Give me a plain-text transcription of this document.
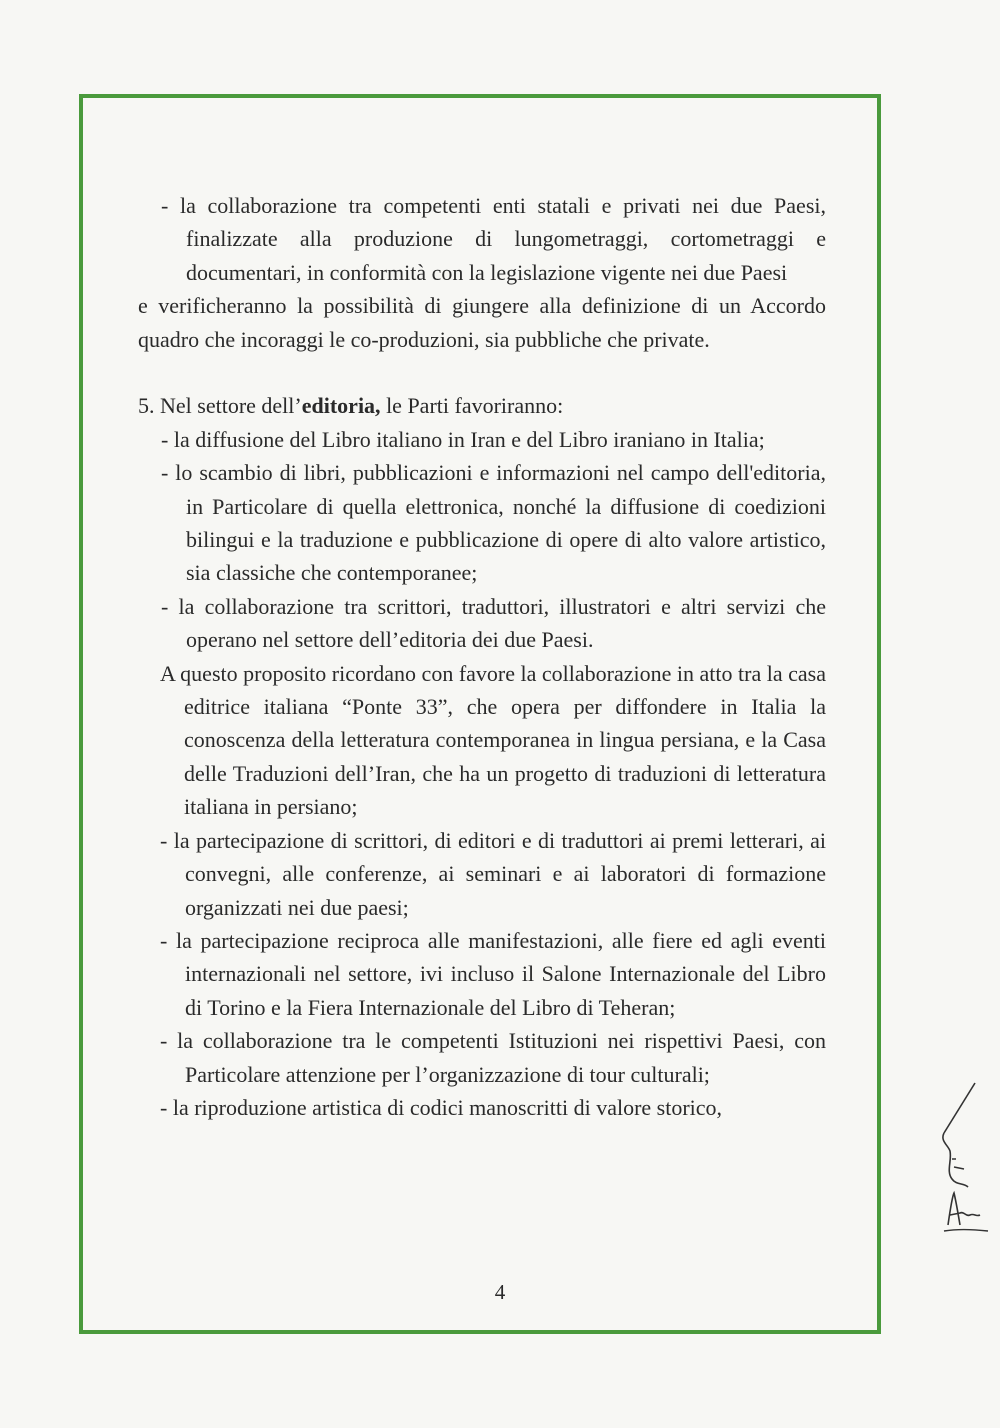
- la collaborazione tra competenti enti statali e privati nei due Paesi, finalizzate alla produzione di lungometraggi, cortometraggi e documentari, in conformità con la legislazione vigente nei due Paesi

e verificheranno la possibilità di giungere alla definizione di un Accordo quadro che incoraggi le co-produzioni, sia pubbliche che private.

5. Nel settore dell’editoria, le Parti favoriranno:

- la diffusione del Libro italiano in Iran e del Libro iraniano in Italia;

- lo scambio di libri, pubblicazioni e informazioni nel campo dell'editoria, in Particolare di quella elettronica, nonché la diffusione di coedizioni bilingui e la traduzione e pubblicazione di opere di alto valore artistico, sia classiche che contemporanee;

- la collaborazione tra scrittori, traduttori, illustratori e altri servizi che operano nel settore dell’editoria dei due Paesi.

A questo proposito ricordano con favore la collaborazione in atto tra la casa editrice italiana “Ponte 33”, che opera per diffondere in Italia la conoscenza della letteratura contemporanea in lingua persiana, e la Casa delle Traduzioni dell’Iran, che ha un progetto di traduzioni di letteratura italiana in persiano;

- la partecipazione di scrittori, di editori e di traduttori ai premi letterari, ai convegni, alle conferenze, ai seminari e ai laboratori di formazione organizzati nei due paesi;

- la partecipazione reciproca alle manifestazioni, alle fiere ed agli eventi internazionali nel settore, ivi incluso il Salone Internazionale del Libro di Torino e la Fiera Internazionale del Libro di Teheran;

- la collaborazione tra le competenti Istituzioni nei rispettivi Paesi, con Particolare attenzione per l’organizzazione di tour culturali;

- la riproduzione artistica di codici manoscritti di valore storico,

4
